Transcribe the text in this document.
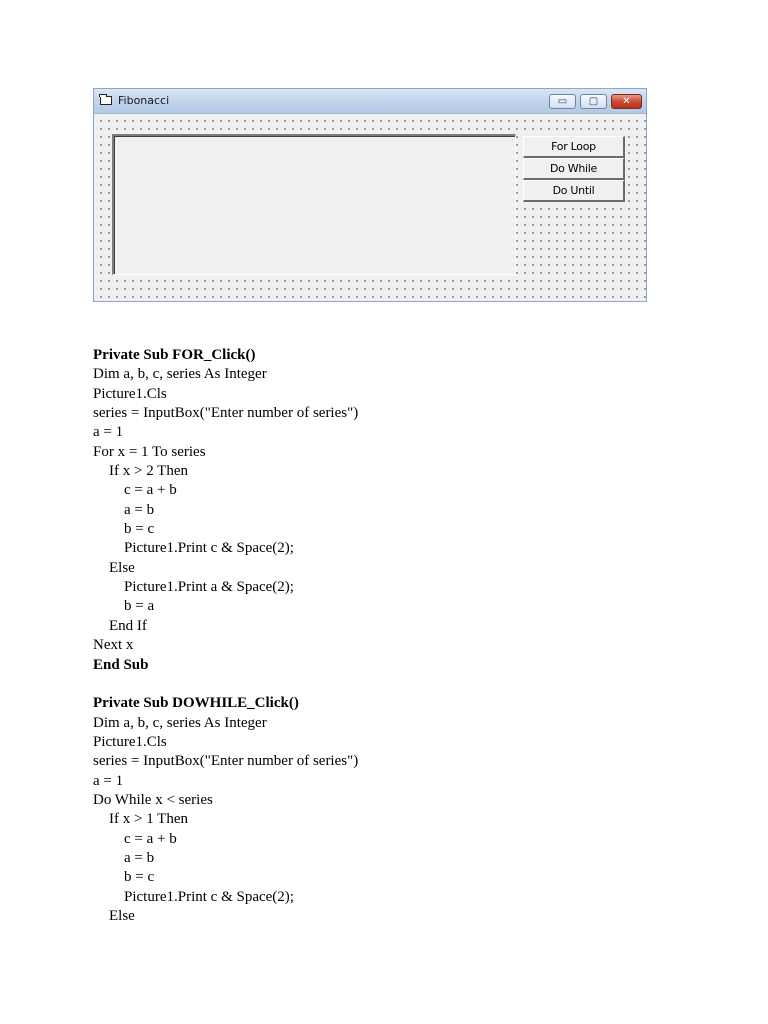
Fibonacci	▭	▢	✕
For Loop
Do While
Do Until
Private Sub FOR_Click()
Dim a, b, c, series As Integer
Picture1.Cls
series = InputBox("Enter number of series")
a = 1
For x = 1 To series
If x > 2 Then
c = a + b
a = b
b = c
Picture1.Print c & Space(2);
Else
Picture1.Print a & Space(2);
b = a
End If
Next x
End Sub
Private Sub DOWHILE_Click()
Dim a, b, c, series As Integer
Picture1.Cls
series = InputBox("Enter number of series")
a = 1
Do While x < series
If x > 1 Then
c = a + b
a = b
b = c
Picture1.Print c & Space(2);
Else
